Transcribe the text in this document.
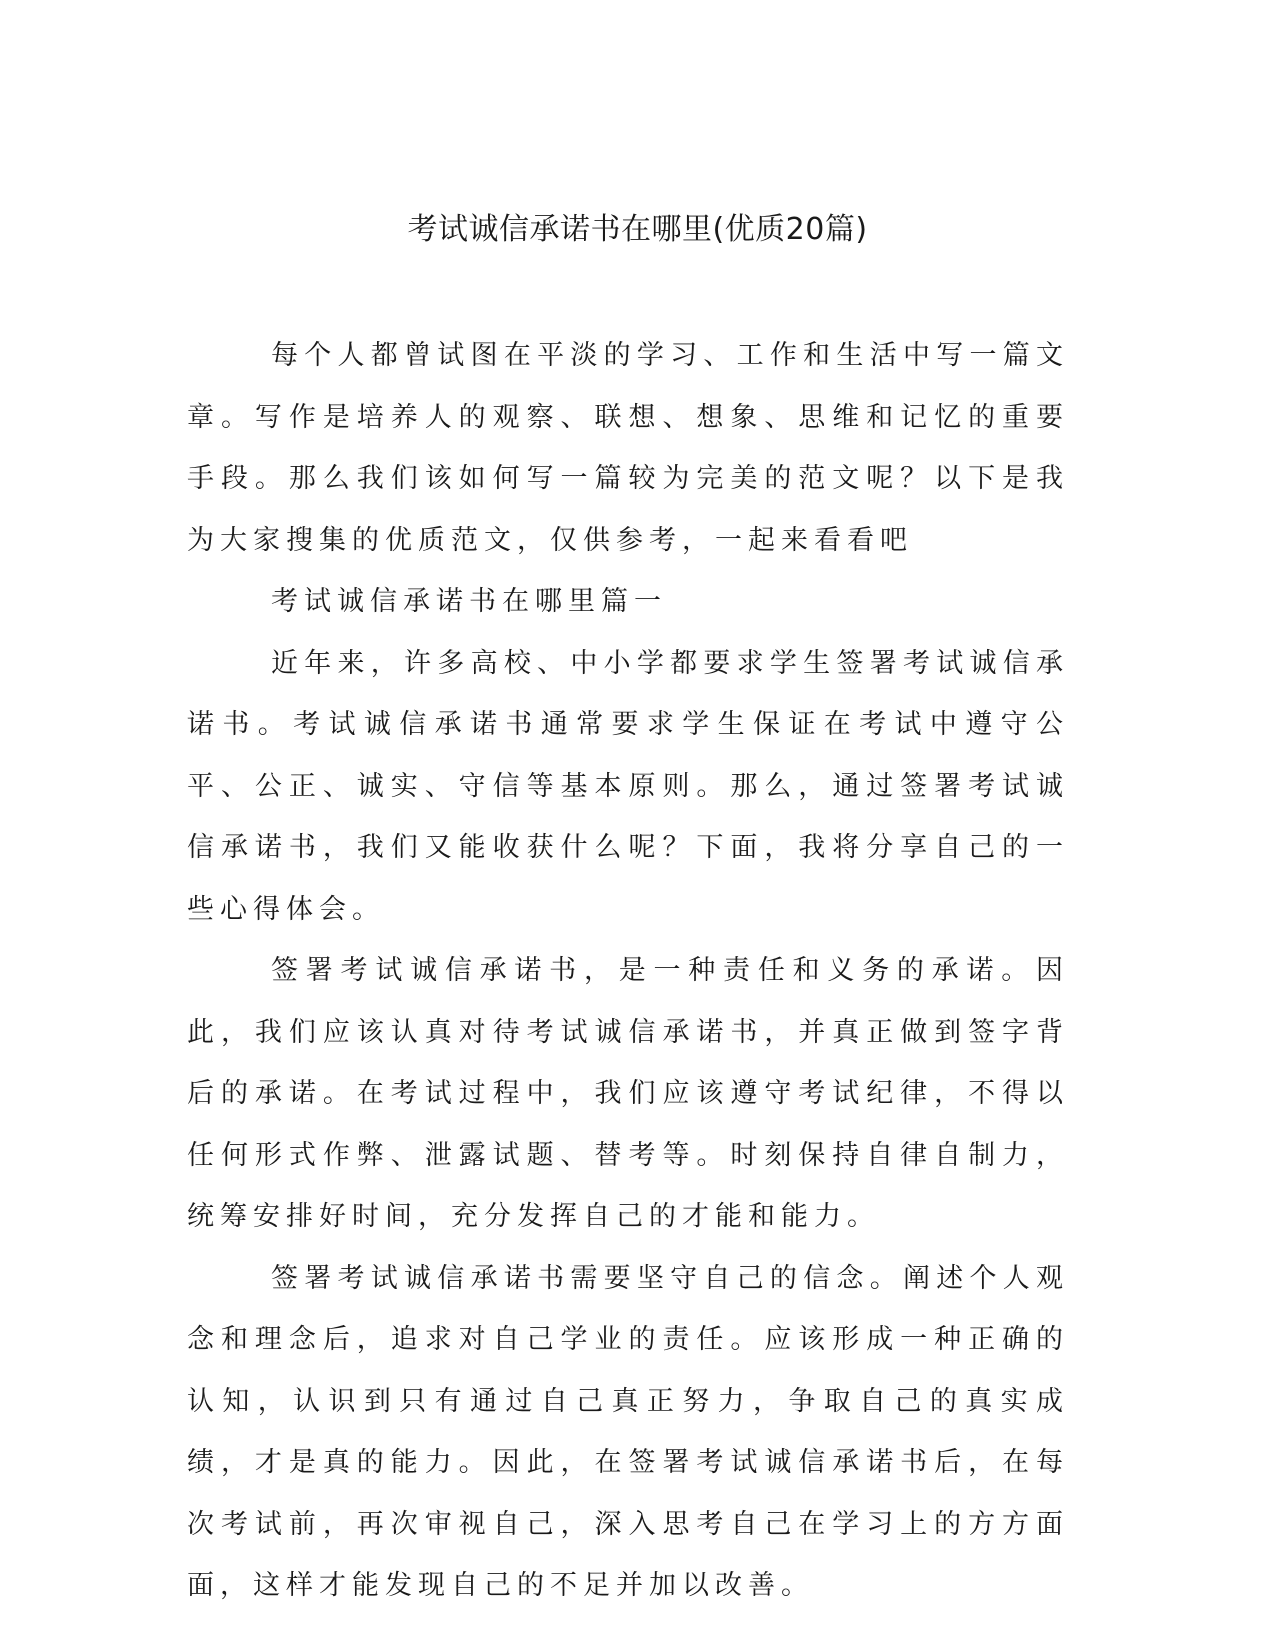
考试诚信承诺书在哪里(优质20篇)

每个人都曾试图在平淡的学习、工作和生活中写一篇文章。写作是培养人的观察、联想、想象、思维和记忆的重要手段。那么我们该如何写一篇较为完美的范文呢？以下是我为大家搜集的优质范文，仅供参考，一起来看看吧

考试诚信承诺书在哪里篇一

近年来，许多高校、中小学都要求学生签署考试诚信承诺书。考试诚信承诺书通常要求学生保证在考试中遵守公平、公正、诚实、守信等基本原则。那么，通过签署考试诚信承诺书，我们又能收获什么呢？下面，我将分享自己的一些心得体会。

签署考试诚信承诺书，是一种责任和义务的承诺。因此，我们应该认真对待考试诚信承诺书，并真正做到签字背后的承诺。在考试过程中，我们应该遵守考试纪律，不得以任何形式作弊、泄露试题、替考等。时刻保持自律自制力，统筹安排好时间，充分发挥自己的才能和能力。

签署考试诚信承诺书需要坚守自己的信念。阐述个人观念和理念后，追求对自己学业的责任。应该形成一种正确的认知，认识到只有通过自己真正努力，争取自己的真实成绩，才是真的能力。因此，在签署考试诚信承诺书后，在每次考试前，再次审视自己，深入思考自己在学习上的方方面面，这样才能发现自己的不足并加以改善。
